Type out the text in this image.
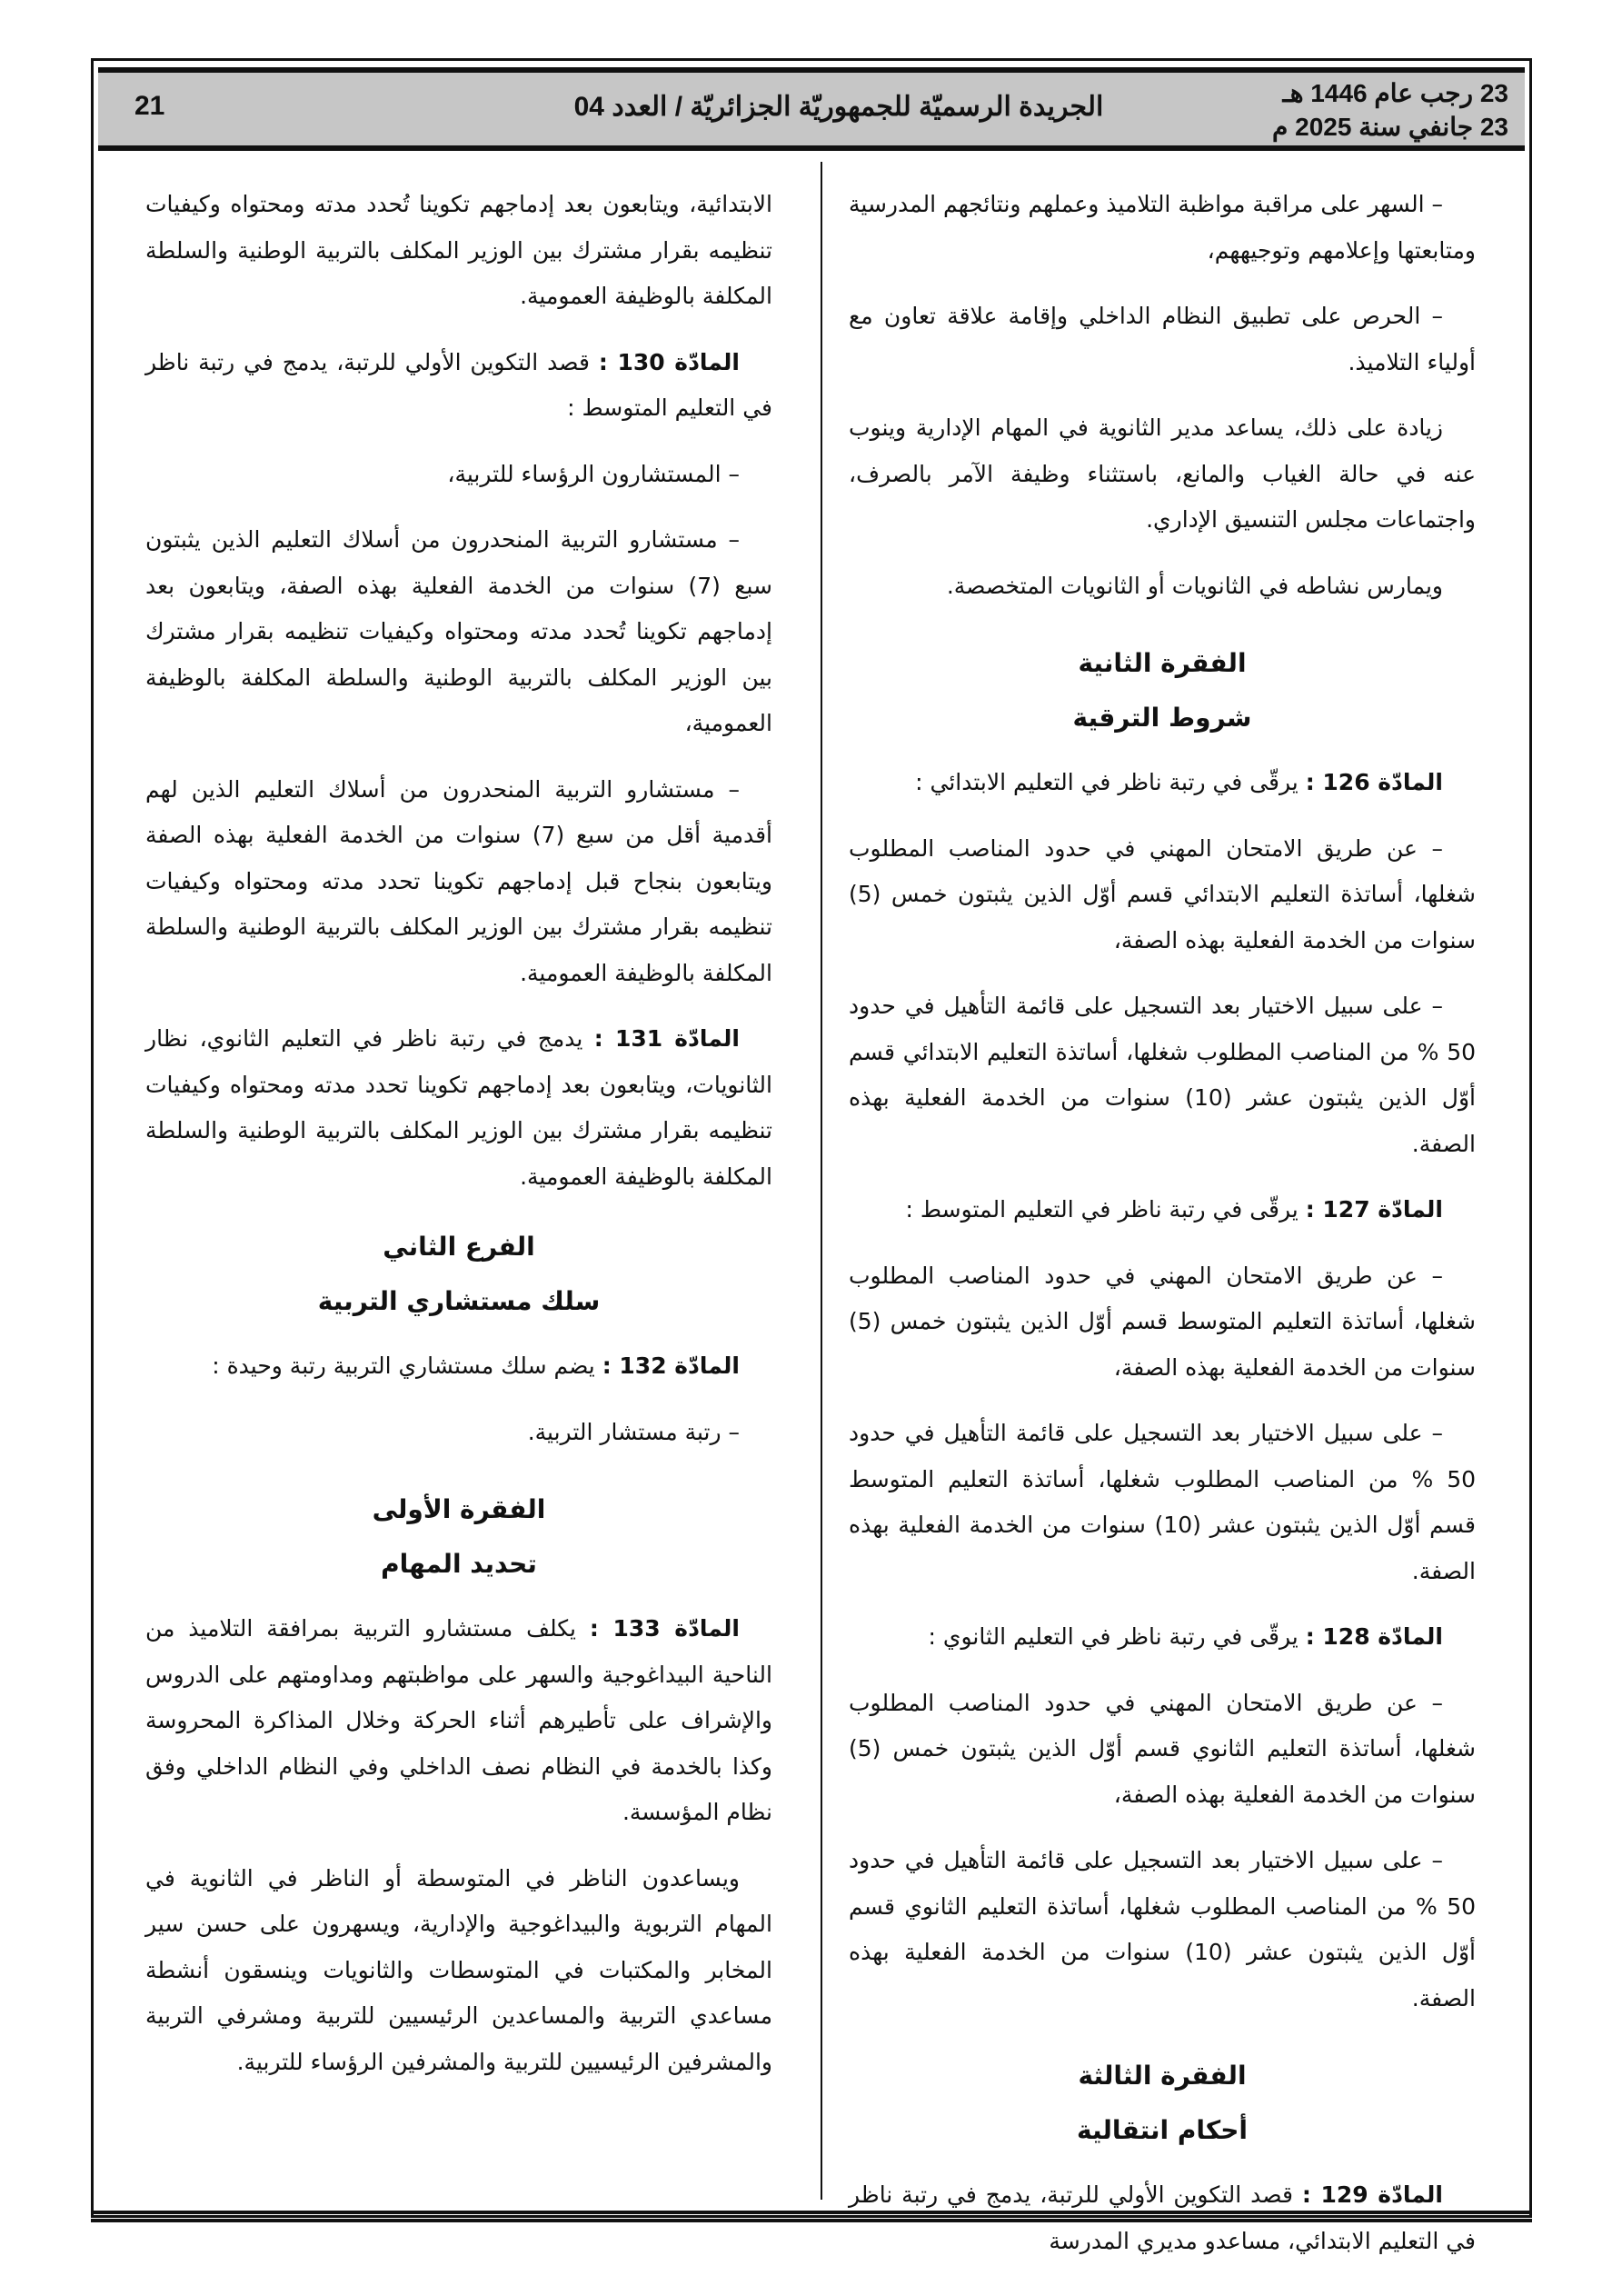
23 رجب عام 1446 هـ
23 جانفي سنة 2025 م
الجريدة الرسميّة للجمهوريّة الجزائريّة / العدد 04
21

– السهر على مراقبة مواظبة التلاميذ وعملهم ونتائجهم المدرسية ومتابعتها وإعلامهم وتوجيههم،

– الحرص على تطبيق النظام الداخلي وإقامة علاقة تعاون مع أولياء التلاميذ.

زيادة على ذلك، يساعد مدير الثانوية في المهام الإدارية وينوب عنه في حالة الغياب والمانع، باستثناء وظيفة الآمر بالصرف، واجتماعات مجلس التنسيق الإداري.

ويمارس نشاطه في الثانويات أو الثانويات المتخصصة.

الفقرة الثانية

شروط الترقية

المادّة 126 : يرقّى في رتبة ناظر في التعليم الابتدائي :

– عن طريق الامتحان المهني في حدود المناصب المطلوب شغلها، أساتذة التعليم الابتدائي قسم أوّل الذين يثبتون خمس (5) سنوات من الخدمة الفعلية بهذه الصفة،

– على سبيل الاختيار بعد التسجيل على قائمة التأهيل في حدود 50 % من المناصب المطلوب شغلها، أساتذة التعليم الابتدائي قسم أوّل الذين يثبتون عشر (10) سنوات من الخدمة الفعلية بهذه الصفة.

المادّة 127 : يرقّى في رتبة ناظر في التعليم المتوسط :

– عن طريق الامتحان المهني في حدود المناصب المطلوب شغلها، أساتذة التعليم المتوسط قسم أوّل الذين يثبتون خمس (5) سنوات من الخدمة الفعلية بهذه الصفة،

– على سبيل الاختيار بعد التسجيل على قائمة التأهيل في حدود 50 % من المناصب المطلوب شغلها، أساتذة التعليم المتوسط قسم أوّل الذين يثبتون عشر (10) سنوات من الخدمة الفعلية بهذه الصفة.

المادّة 128 : يرقّى في رتبة ناظر في التعليم الثانوي :

– عن طريق الامتحان المهني في حدود المناصب المطلوب شغلها، أساتذة التعليم الثانوي قسم أوّل الذين يثبتون خمس (5) سنوات من الخدمة الفعلية بهذه الصفة،

– على سبيل الاختيار بعد التسجيل على قائمة التأهيل في حدود 50 % من المناصب المطلوب شغلها، أساتذة التعليم الثانوي قسم أوّل الذين يثبتون عشر (10) سنوات من الخدمة الفعلية بهذه الصفة.

الفقرة الثالثة

أحكام انتقالية

المادّة 129 : قصد التكوين الأولي للرتبة، يدمج في رتبة ناظر في التعليم الابتدائي، مساعدو مديري المدرسة

الابتدائية، ويتابعون بعد إدماجهم تكوينا تُحدد مدته ومحتواه وكيفيات تنظيمه بقرار مشترك بين الوزير المكلف بالتربية الوطنية والسلطة المكلفة بالوظيفة العمومية.

المادّة 130 : قصد التكوين الأولي للرتبة، يدمج في رتبة ناظر في التعليم المتوسط :

– المستشارون الرؤساء للتربية،

– مستشارو التربية المنحدرون من أسلاك التعليم الذين يثبتون سبع (7) سنوات من الخدمة الفعلية بهذه الصفة، ويتابعون بعد إدماجهم تكوينا تُحدد مدته ومحتواه وكيفيات تنظيمه بقرار مشترك بين الوزير المكلف بالتربية الوطنية والسلطة المكلفة بالوظيفة العمومية،

– مستشارو التربية المنحدرون من أسلاك التعليم الذين لهم أقدمية أقل من سبع (7) سنوات من الخدمة الفعلية بهذه الصفة ويتابعون بنجاح قبل إدماجهم تكوينا تحدد مدته ومحتواه وكيفيات تنظيمه بقرار مشترك بين الوزير المكلف بالتربية الوطنية والسلطة المكلفة بالوظيفة العمومية.

المادّة 131 : يدمج في رتبة ناظر في التعليم الثانوي، نظار الثانويات، ويتابعون بعد إدماجهم تكوينا تحدد مدته ومحتواه وكيفيات تنظيمه بقرار مشترك بين الوزير المكلف بالتربية الوطنية والسلطة المكلفة بالوظيفة العمومية.

الفرع الثاني

سلك مستشاري التربية

المادّة 132 : يضم سلك مستشاري التربية رتبة وحيدة :

– رتبة مستشار التربية.

الفقرة الأولى

تحديد المهام

المادّة 133 : يكلف مستشارو التربية بمرافقة التلاميذ من الناحية البيداغوجية والسهر على مواظبتهم ومداومتهم على الدروس والإشراف على تأطيرهم أثناء الحركة وخلال المذاكرة المحروسة وكذا بالخدمة في النظام نصف الداخلي وفي النظام الداخلي وفق نظام المؤسسة.

ويساعدون الناظر في المتوسطة أو الناظر في الثانوية في المهام التربوية والبيداغوجية والإدارية، ويسهرون على حسن سير المخابر والمكتبات في المتوسطات والثانويات وينسقون أنشطة مساعدي التربية والمساعدين الرئيسيين للتربية ومشرفي التربية والمشرفين الرئيسيين للتربية والمشرفين الرؤساء للتربية.
